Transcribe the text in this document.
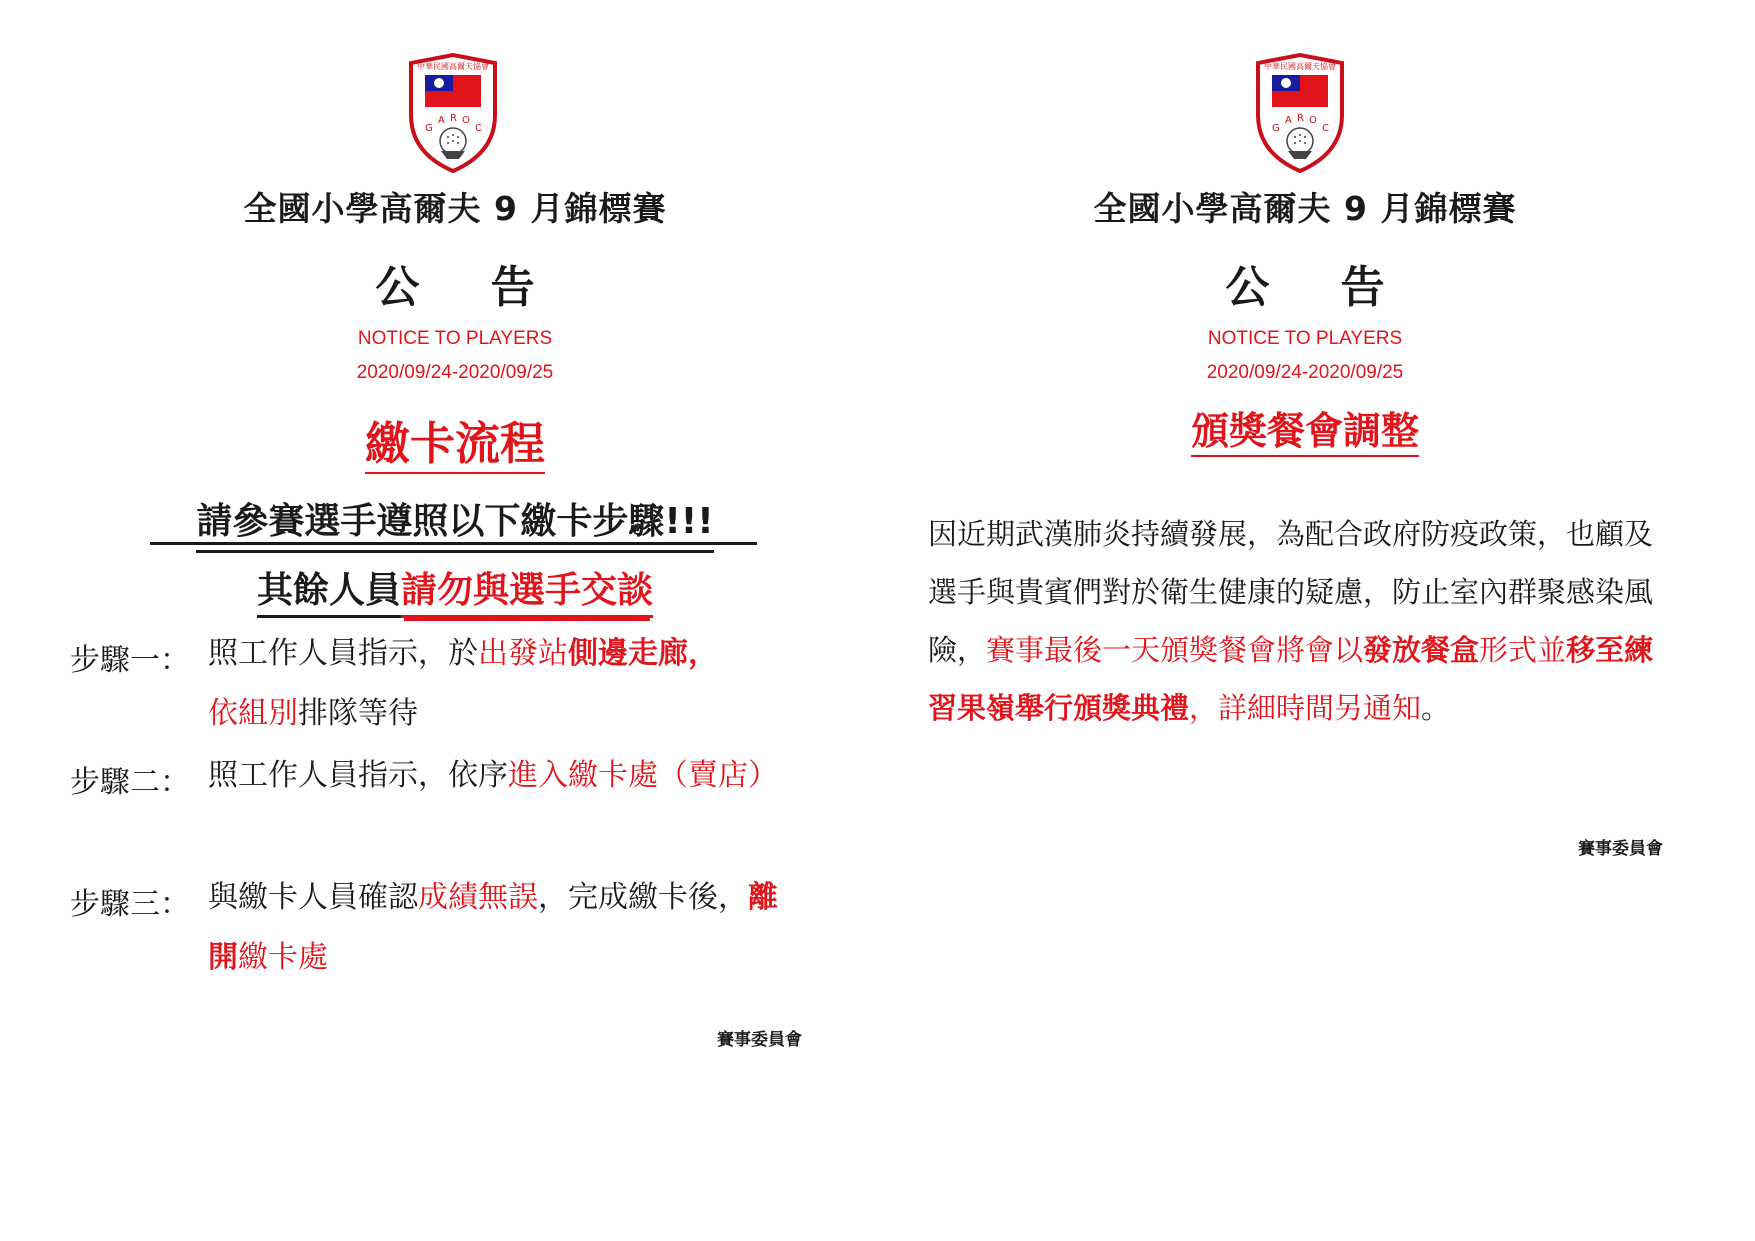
中華民國高爾夫協會
G
A R O
C
全國小學高爾夫 9 月錦標賽
公 告
NOTICE TO PLAYERS
2020/09/24-2020/09/25
繳卡流程
請參賽選手遵照以下繳卡步驟!!!
其餘人員請勿與選手交談
步驟一： 照工作人員指示，於出發站側邊走廊，
依組別排隊等待
步驟二： 照工作人員指示，依序進入繳卡處（賣店）
步驟三： 與繳卡人員確認成績無誤，完成繳卡後，離開繳卡處
賽事委員會
中華民國高爾夫協會
G
A R O
C
全國小學高爾夫 9 月錦標賽
公 告
NOTICE TO PLAYERS
2020/09/24-2020/09/25
頒獎餐會調整
因近期武漢肺炎持續發展，為配合政府防疫政策，也顧及選手與貴賓們對於衛生健康的疑慮，防止室內群聚感染風險，賽事最後一天頒獎餐會將會以發放餐盒形式並移至練習果嶺舉行頒獎典禮，詳細時間另通知。
賽事委員會
